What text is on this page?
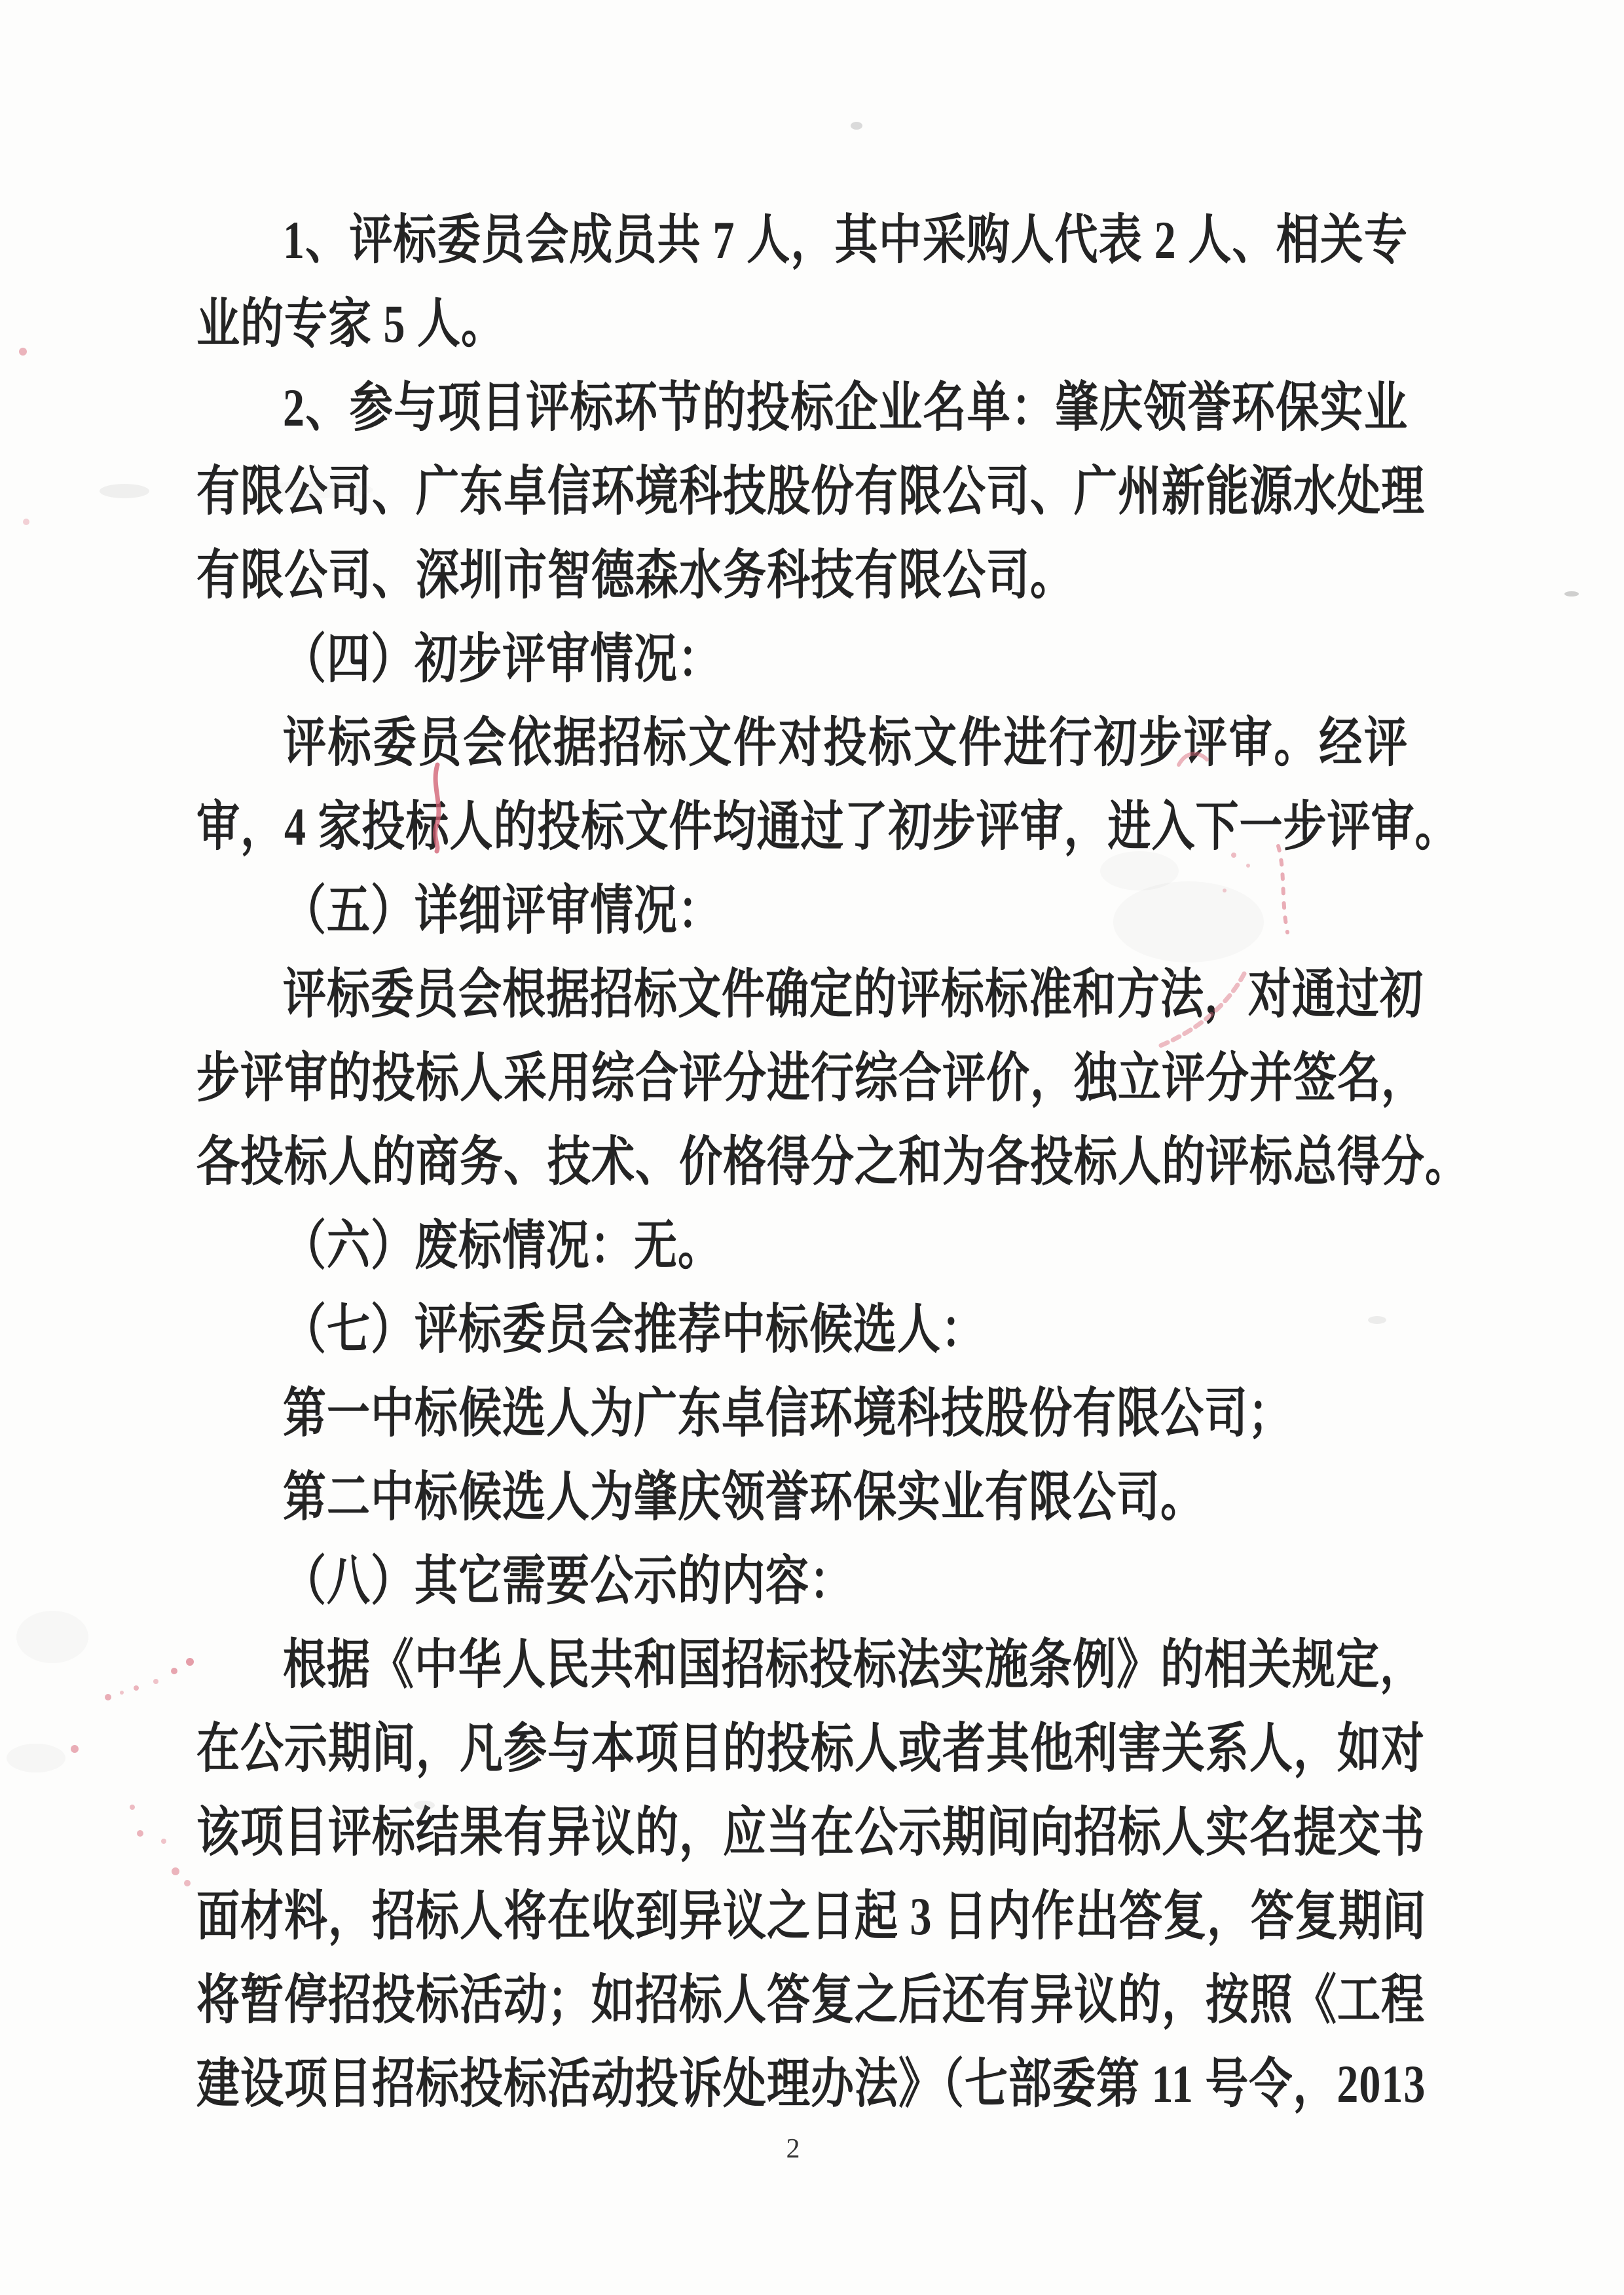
1、评标委员会成员共 7 人，其中采购人代表 2 人、相关专
业的专家 5 人。
2、参与项目评标环节的投标企业名单：肇庆领誉环保实业
有限公司、广东卓信环境科技股份有限公司、广州新能源水处理
有限公司、深圳市智德森水务科技有限公司。
（四）初步评审情况：
评标委员会依据招标文件对投标文件进行初步评审。经评
审，4 家投标人的投标文件均通过了初步评审，进入下一步评审。
（五）详细评审情况：
评标委员会根据招标文件确定的评标标准和方法，对通过初
步评审的投标人采用综合评分进行综合评价，独立评分并签名，
各投标人的商务、技术、价格得分之和为各投标人的评标总得分。
（六）废标情况：无。
（七）评标委员会推荐中标候选人：
第一中标候选人为广东卓信环境科技股份有限公司；
第二中标候选人为肇庆领誉环保实业有限公司。
（八）其它需要公示的内容：
根据《中华人民共和国招标投标法实施条例》的相关规定，
在公示期间，凡参与本项目的投标人或者其他利害关系人，如对
该项目评标结果有异议的，应当在公示期间向招标人实名提交书
面材料，招标人将在收到异议之日起 3 日内作出答复，答复期间
将暂停招投标活动；如招标人答复之后还有异议的，按照《工程
建设项目招标投标活动投诉处理办法》（七部委第 11 号令，2013
2
